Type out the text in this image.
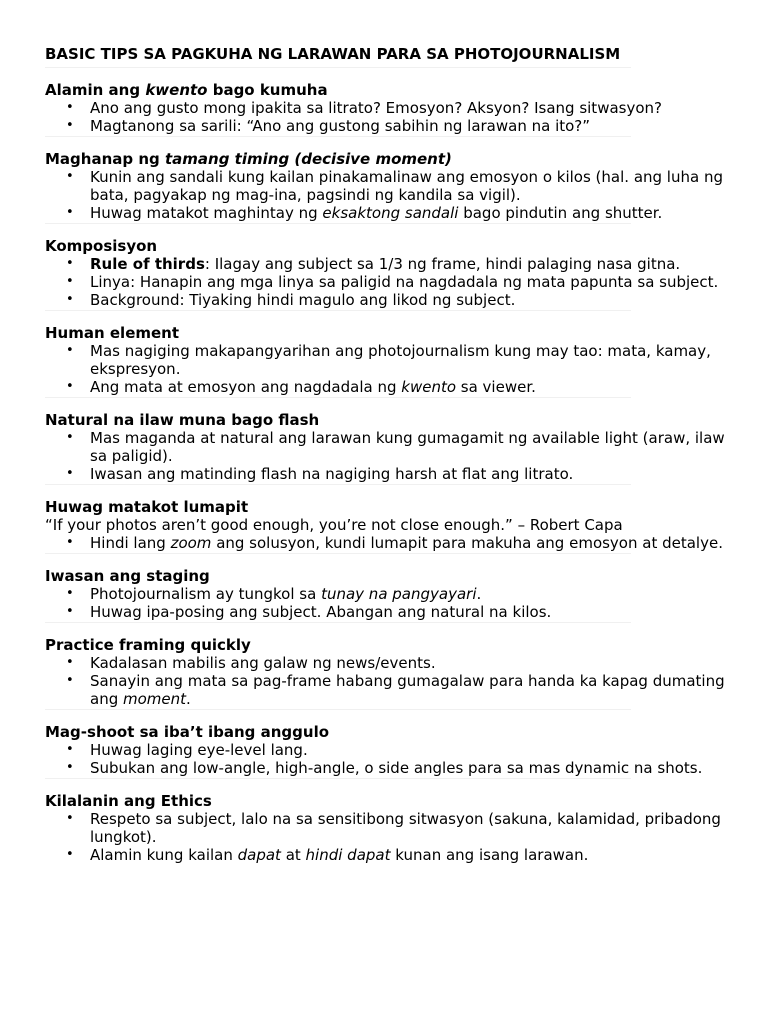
BASIC TIPS SA PAGKUHA NG LARAWAN PARA SA PHOTOJOURNALISM
Alamin ang kwento bago kumuha
• Ano ang gusto mong ipakita sa litrato? Emosyon? Aksyon? Isang sitwasyon?
• Magtanong sa sarili: “Ano ang gustong sabihin ng larawan na ito?”
Maghanap ng tamang timing (decisive moment)
• Kunin ang sandali kung kailan pinakamalinaw ang emosyon o kilos (hal. ang luha ng bata, pagyakap ng mag-ina, pagsindi ng kandila sa vigil).
• Huwag matakot maghintay ng eksaktong sandali bago pindutin ang shutter.
Komposisyon
• Rule of thirds: Ilagay ang subject sa 1/3 ng frame, hindi palaging nasa gitna.
• Linya: Hanapin ang mga linya sa paligid na nagdadala ng mata papunta sa subject.
• Background: Tiyaking hindi magulo ang likod ng subject.
Human element
• Mas nagiging makapangyarihan ang photojournalism kung may tao: mata, kamay, ekspresyon.
• Ang mata at emosyon ang nagdadala ng kwento sa viewer.
Natural na ilaw muna bago flash
• Mas maganda at natural ang larawan kung gumagamit ng available light (araw, ilaw sa paligid).
• Iwasan ang matinding flash na nagiging harsh at flat ang litrato.
Huwag matakot lumapit

“If your photos aren’t good enough, you’re not close enough.” – Robert Capa

• Hindi lang zoom ang solusyon, kundi lumapit para makuha ang emosyon at detalye.
Iwasan ang staging
• Photojournalism ay tungkol sa tunay na pangyayari.
• Huwag ipa-posing ang subject. Abangan ang natural na kilos.
Practice framing quickly
• Kadalasan mabilis ang galaw ng news/events.
• Sanayin ang mata sa pag-frame habang gumagalaw para handa ka kapag dumating ang moment.
Mag-shoot sa iba’t ibang anggulo
• Huwag laging eye-level lang.
• Subukan ang low-angle, high-angle, o side angles para sa mas dynamic na shots.
Kilalanin ang Ethics
• Respeto sa subject, lalo na sa sensitibong sitwasyon (sakuna, kalamidad, pribadong lungkot).
• Alamin kung kailan dapat at hindi dapat kunan ang isang larawan.
